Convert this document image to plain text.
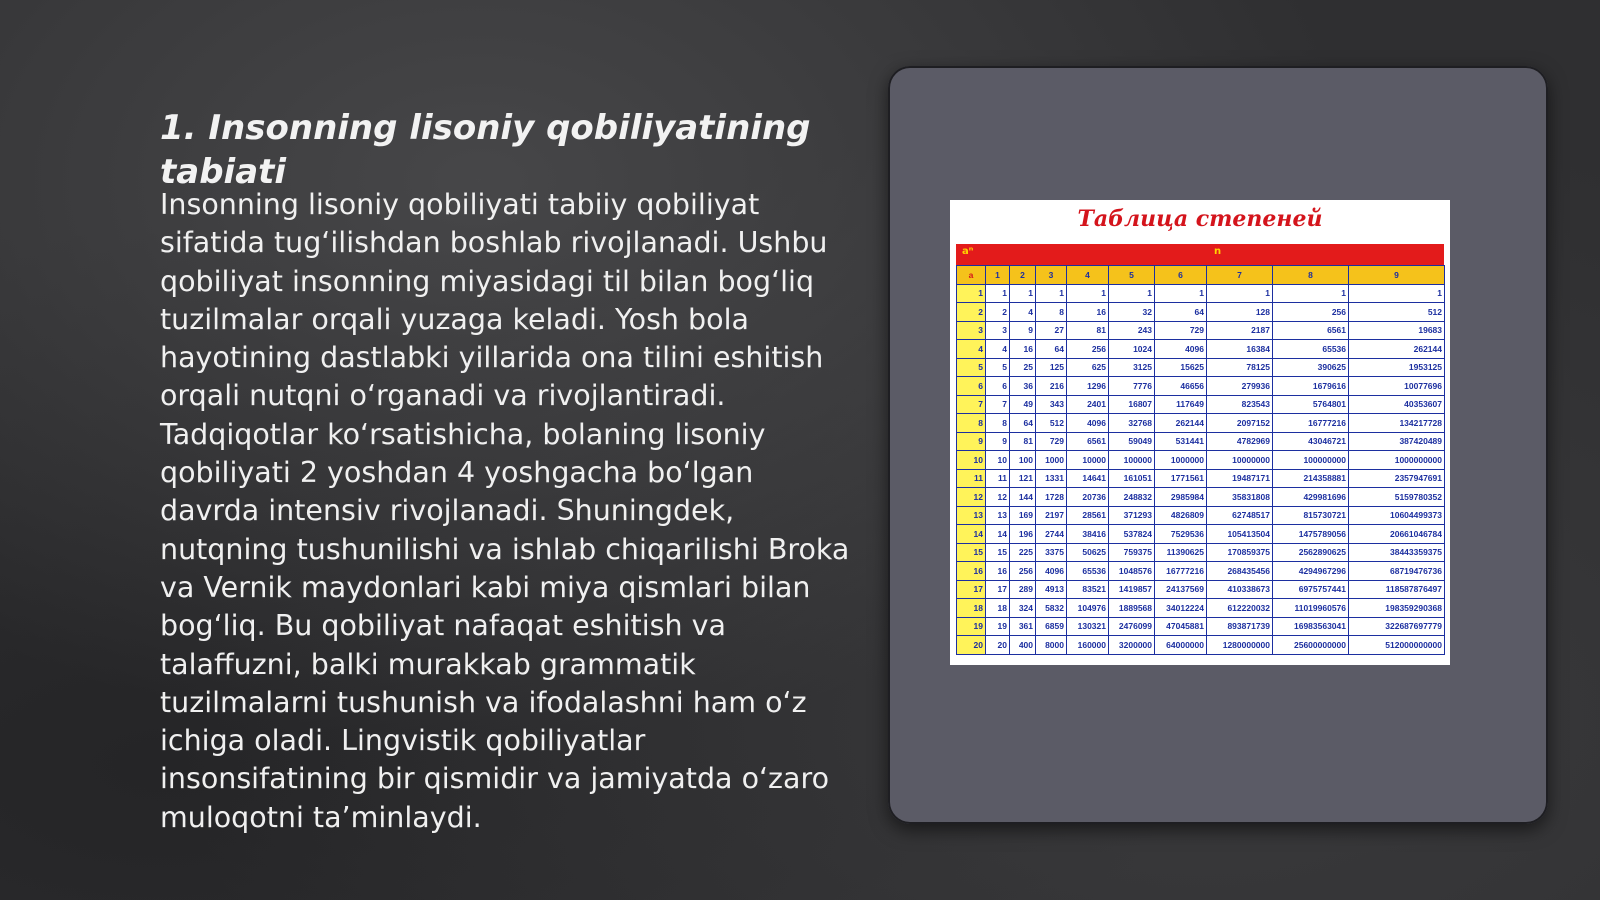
1. Insonning lisoniy qobiliyatining tabiati

Insonning lisoniy qobiliyati tabiiy qobiliyat sifatida tug‘ilishdan boshlab rivojlanadi. Ushbu qobiliyat insonning miyasidagi til bilan bog‘liq tuzilmalar orqali yuzaga keladi. Yosh bola hayotining dastlabki yillarida ona tilini eshitish orqali nutqni o‘rganadi va rivojlantiradi. Tadqiqotlar ko‘rsatishicha, bolaning lisoniy qobiliyati 2 yoshdan 4 yoshgacha bo‘lgan davrda intensiv rivojlanadi. Shuningdek, nutqning tushunilishi va ishlab chiqarilishi Broka va Vernik maydonlari kabi miya qismlari bilan bog‘liq. Bu qobiliyat nafaqat eshitish va talaffuzni, balki murakkab grammatik tuzilmalarni tushunish va ifodalashni ham o‘z ichiga oladi. Lingvistik qobiliyatlar insonsifatining bir qismidir va jamiyatda o‘zaro muloqotni ta’minlaydi.

Таблица степеней
aⁿ	n
a	1	2	3	4	5	6	7	8	9
1	1	1	1	1	1	1	1	1	1
2	2	4	8	16	32	64	128	256	512
3	3	9	27	81	243	729	2187	6561	19683
4	4	16	64	256	1024	4096	16384	65536	262144
5	5	25	125	625	3125	15625	78125	390625	1953125
6	6	36	216	1296	7776	46656	279936	1679616	10077696
7	7	49	343	2401	16807	117649	823543	5764801	40353607
8	8	64	512	4096	32768	262144	2097152	16777216	134217728
9	9	81	729	6561	59049	531441	4782969	43046721	387420489
10	10	100	1000	10000	100000	1000000	10000000	100000000	1000000000
11	11	121	1331	14641	161051	1771561	19487171	214358881	2357947691
12	12	144	1728	20736	248832	2985984	35831808	429981696	5159780352
13	13	169	2197	28561	371293	4826809	62748517	815730721	10604499373
14	14	196	2744	38416	537824	7529536	105413504	1475789056	20661046784
15	15	225	3375	50625	759375	11390625	170859375	2562890625	38443359375
16	16	256	4096	65536	1048576	16777216	268435456	4294967296	68719476736
17	17	289	4913	83521	1419857	24137569	410338673	6975757441	118587876497
18	18	324	5832	104976	1889568	34012224	612220032	11019960576	198359290368
19	19	361	6859	130321	2476099	47045881	893871739	16983563041	322687697779
20	20	400	8000	160000	3200000	64000000	1280000000	25600000000	512000000000
